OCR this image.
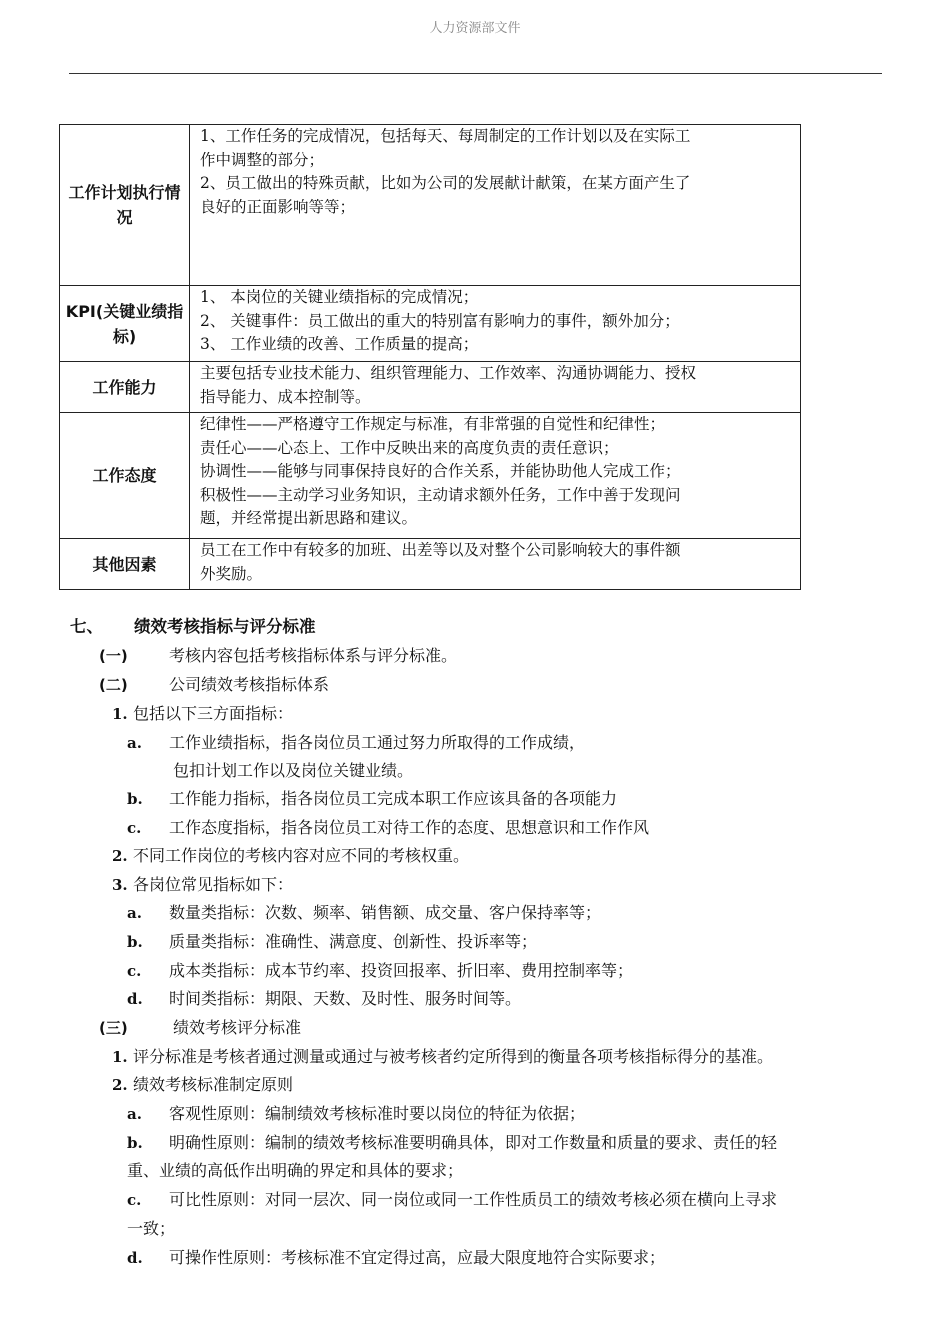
人力资源部文件
工作计划执行情况	1、工作任务的完成情况，包括每天、每周制定的工作计划以及在实际工
作中调整的部分；
2、员工做出的特殊贡献，比如为公司的发展献计献策，在某方面产生了
良好的正面影响等等；

KPI(关键业绩指标)	1、 本岗位的关键业绩指标的完成情况；
2、 关键事件：员工做出的重大的特别富有影响力的事件，额外加分；
3、 工作业绩的改善、工作质量的提高；

工作能力	主要包括专业技术能力、组织管理能力、工作效率、沟通协调能力、授权
指导能力、成本控制等。

工作态度	纪律性——严格遵守工作规定与标准，有非常强的自觉性和纪律性；
责任心——心态上、工作中反映出来的高度负责的责任意识；
协调性——能够与同事保持良好的合作关系，并能协助他人完成工作；
积极性——主动学习业务知识，主动请求额外任务，工作中善于发现问
题，并经常提出新思路和建议。

其他因素	员工在工作中有较多的加班、出差等以及对整个公司影响较大的事件额
外奖励。
七、 绩效考核指标与评分标准
(一)	考核内容包括考核指标体系与评分标准。
(二)	公司绩效考核指标体系
1. 包括以下三方面指标：
a. 工作业绩指标，指各岗位员工通过努力所取得的工作成绩，
包扣计划工作以及岗位关键业绩。
b. 工作能力指标，指各岗位员工完成本职工作应该具备的各项能力
c. 工作态度指标，指各岗位员工对待工作的态度、思想意识和工作作风
2. 不同工作岗位的考核内容对应不同的考核权重。
3. 各岗位常见指标如下：
a. 数量类指标：次数、频率、销售额、成交量、客户保持率等；
b. 质量类指标：准确性、满意度、创新性、投诉率等；
c. 成本类指标：成本节约率、投资回报率、折旧率、费用控制率等；
d. 时间类指标：期限、天数、及时性、服务时间等。
(三)	绩效考核评分标准
1. 评分标准是考核者通过测量或通过与被考核者约定所得到的衡量各项考核指标得分的基准。
2. 绩效考核标准制定原则
a. 客观性原则：编制绩效考核标准时要以岗位的特征为依据；
b. 明确性原则：编制的绩效考核标准要明确具体，即对工作数量和质量的要求、责任的轻
重、业绩的高低作出明确的界定和具体的要求；
c. 可比性原则：对同一层次、同一岗位或同一工作性质员工的绩效考核必须在横向上寻求
一致；
d. 可操作性原则：考核标准不宜定得过高，应最大限度地符合实际要求；
